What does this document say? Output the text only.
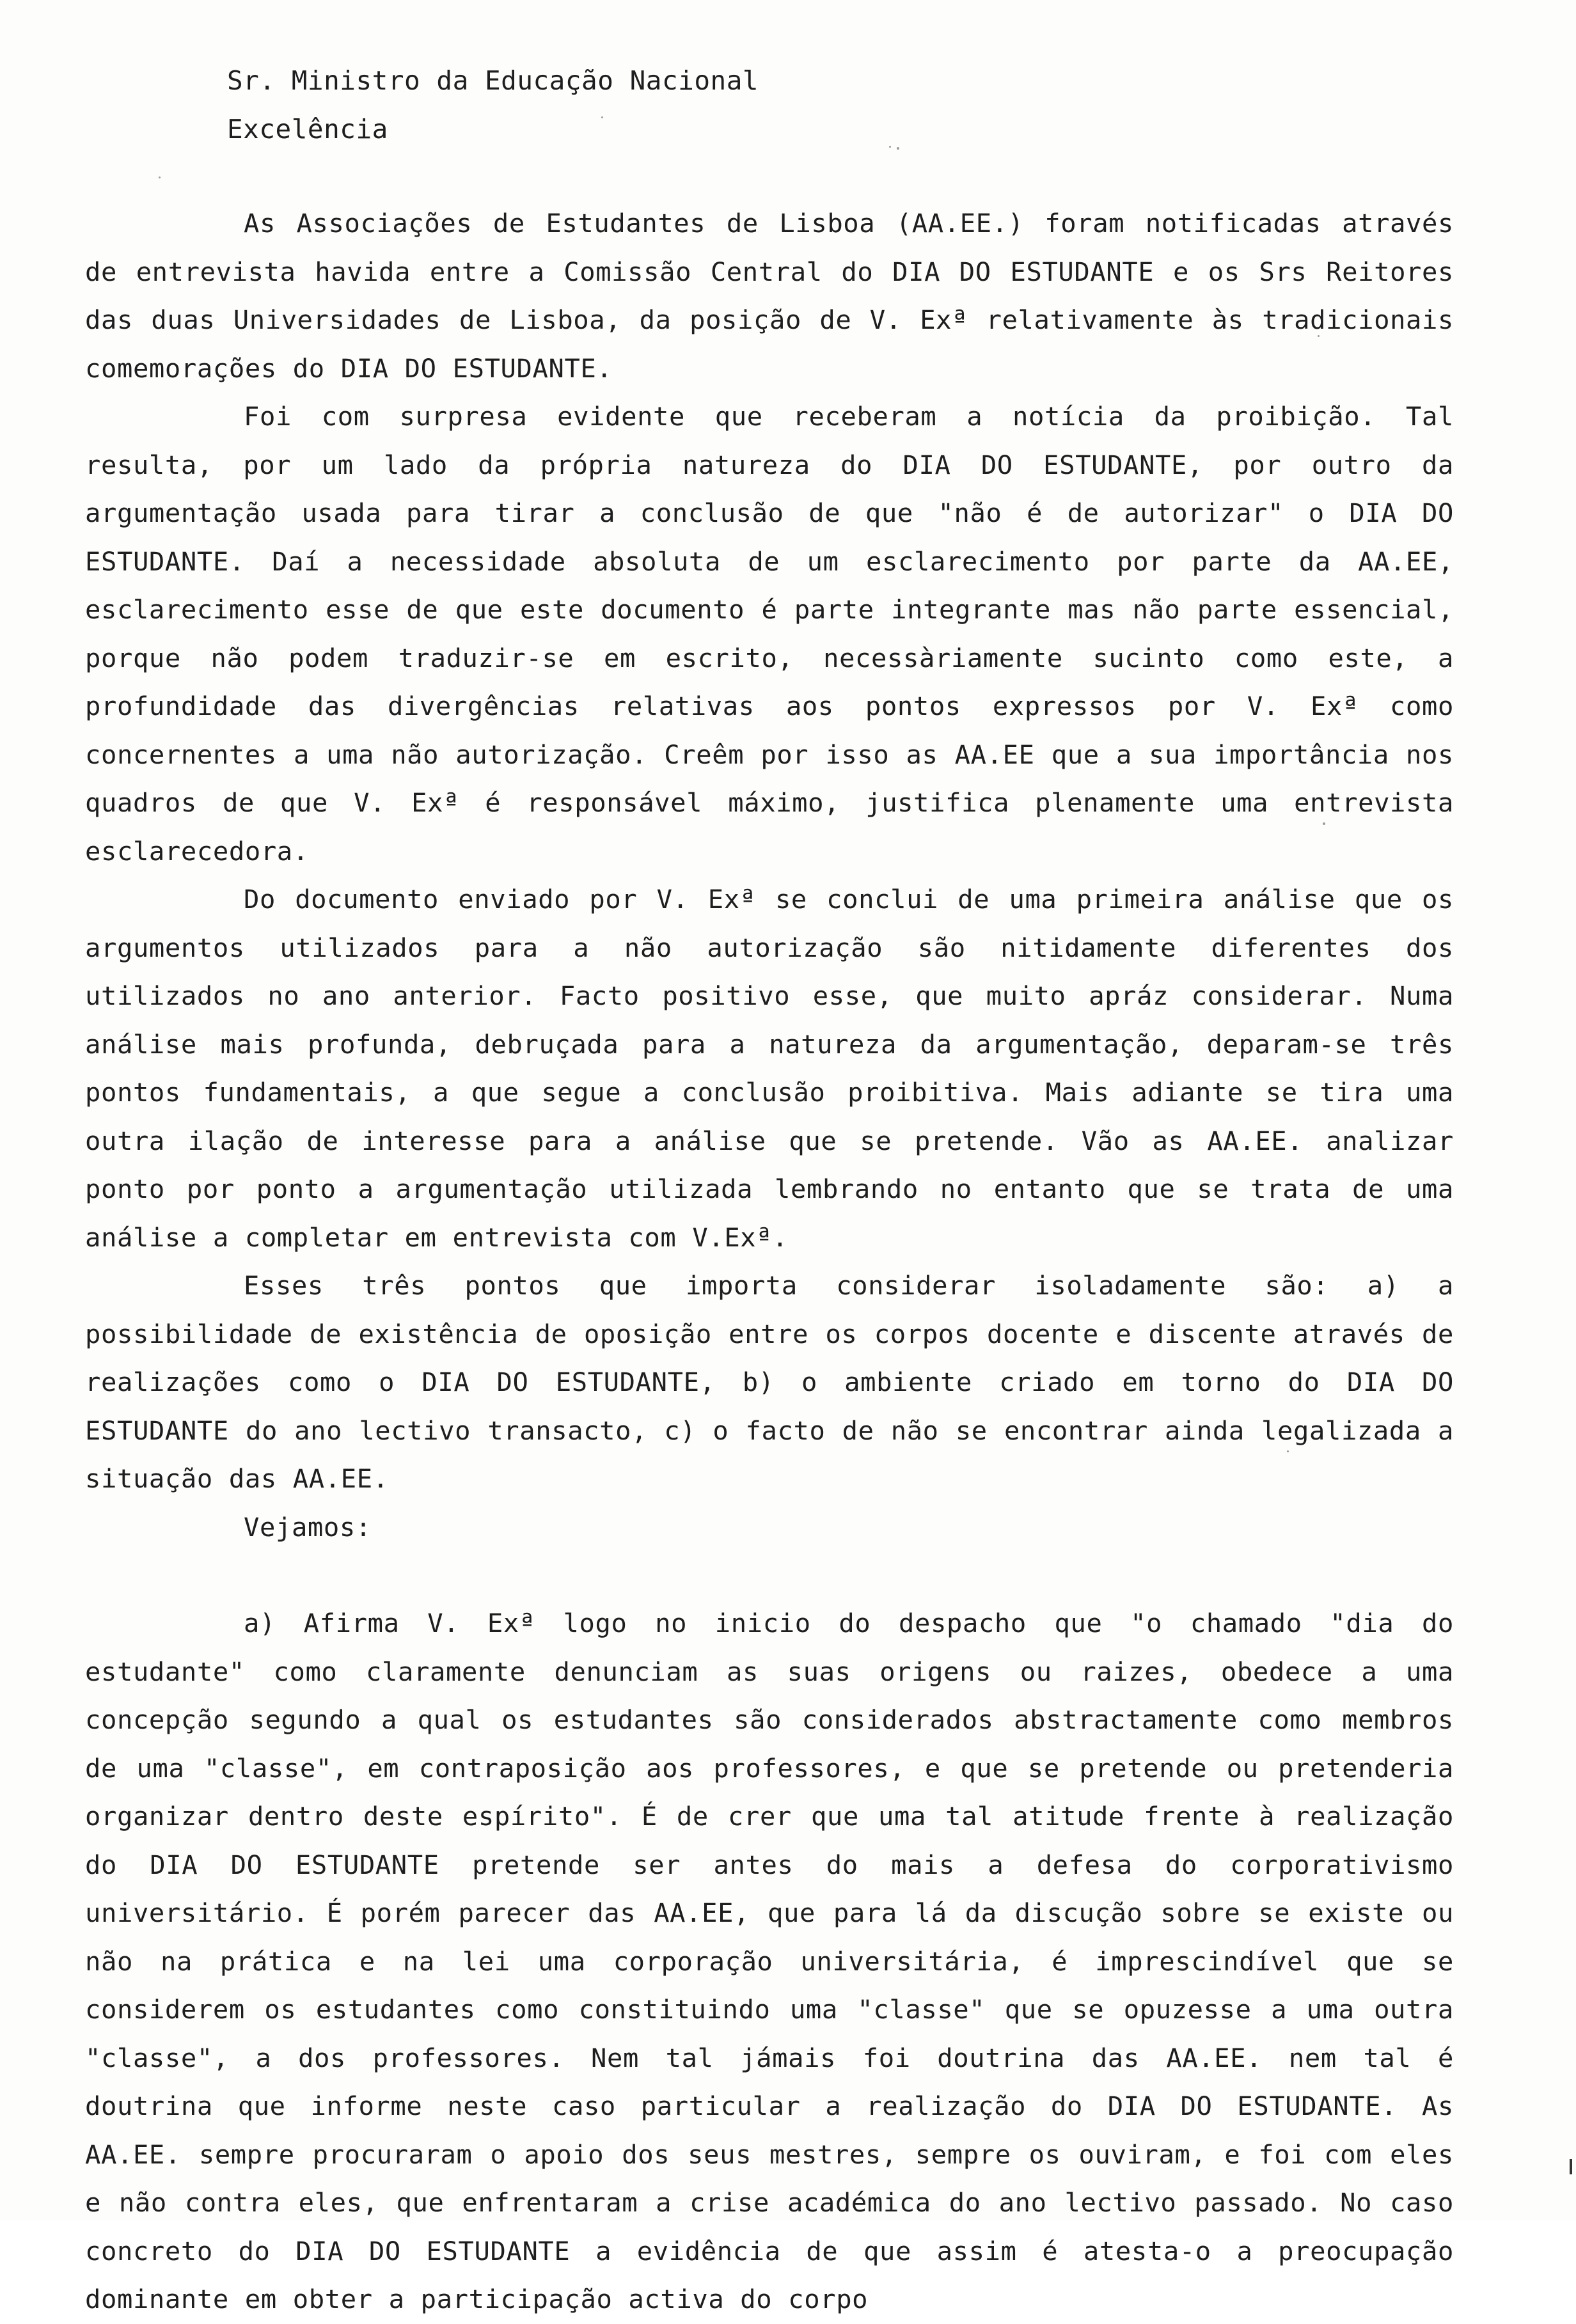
Sr. Ministro da Educação Nacional
Excelência

As Associações de Estudantes de Lisboa (AA.EE.) foram notificadas através de entrevista havida entre a Comissão Central do DIA DO ESTUDANTE e os Srs Reitores das duas Universidades de Lisboa, da posição de V. Exª relativamente às tradicionais comemorações do DIA DO ESTUDANTE.

Foi com surpresa evidente que receberam a notícia da proibição. Tal resulta, por um lado da própria natureza do DIA DO ESTUDANTE, por outro da argumentação usada para tirar a conclusão de que "não é de autorizar" o DIA DO ESTUDANTE. Daí a necessidade absoluta de um esclarecimento por parte da AA.EE, esclarecimento esse de que este documento é parte integrante mas não parte essencial, porque não podem traduzir-se em escrito, necessàriamente sucinto como este, a profundidade das divergências relativas aos pontos expressos por V. Exª como concernentes a uma não autorização. Creêm por isso as AA.EE que a sua importância nos quadros de que V. Exª é responsável máximo, justifica plenamente uma entrevista esclarecedora.

Do documento enviado por V. Exª se conclui de uma primeira análise que os argumentos utilizados para a não autorização são nitidamente diferentes dos utilizados no ano anterior. Facto positivo esse, que muito apráz considerar. Numa análise mais profunda, debruçada para a natureza da argumentação, deparam-se três pontos fundamentais, a que segue a conclusão proibitiva. Mais adiante se tira uma outra ilação de interesse para a análise que se pretende. Vão as AA.EE. analizar ponto por ponto a argumentação utilizada lembrando no entanto que se trata de uma análise a completar em entrevista com V.Exª.

Esses três pontos que importa considerar isoladamente são: a) a possibilidade de existência de oposição entre os corpos docente e discente através de realizações como o DIA DO ESTUDANTE, b) o ambiente criado em torno do DIA DO ESTUDANTE do ano lectivo transacto, c) o facto de não se encontrar ainda legalizada a situação das AA.EE.

Vejamos:

a) Afirma V. Exª logo no inicio do despacho que "o chamado "dia do estudante" como claramente denunciam as suas origens ou raizes, obedece a uma concepção segundo a qual os estudantes são considerados abstractamente como membros de uma "classe", em contraposição aos professores, e que se pretende ou pretenderia organizar dentro deste espírito". É de crer que uma tal atitude frente à realização do DIA DO ESTUDANTE pretende ser antes do mais a defesa do corporativismo universitário. É porém parecer das AA.EE, que para lá da discução sobre se existe ou não na prática e na lei uma corporação universitária, é imprescindível que se considerem os estudantes como constituindo uma "classe" que se opuzesse a uma outra "classe", a dos professores. Nem tal jámais foi doutrina das AA.EE. nem tal é doutrina que informe neste caso particular a realização do DIA DO ESTUDANTE. As AA.EE. sempre procuraram o apoio dos seus mestres, sempre os ouviram, e foi com eles e não contra eles, que enfrentaram a crise académica do ano lectivo passado. No caso concreto do DIA DO ESTUDANTE a evidência de que assim é atesta-o a preocupação dominante em obter a participação activa do corpo
